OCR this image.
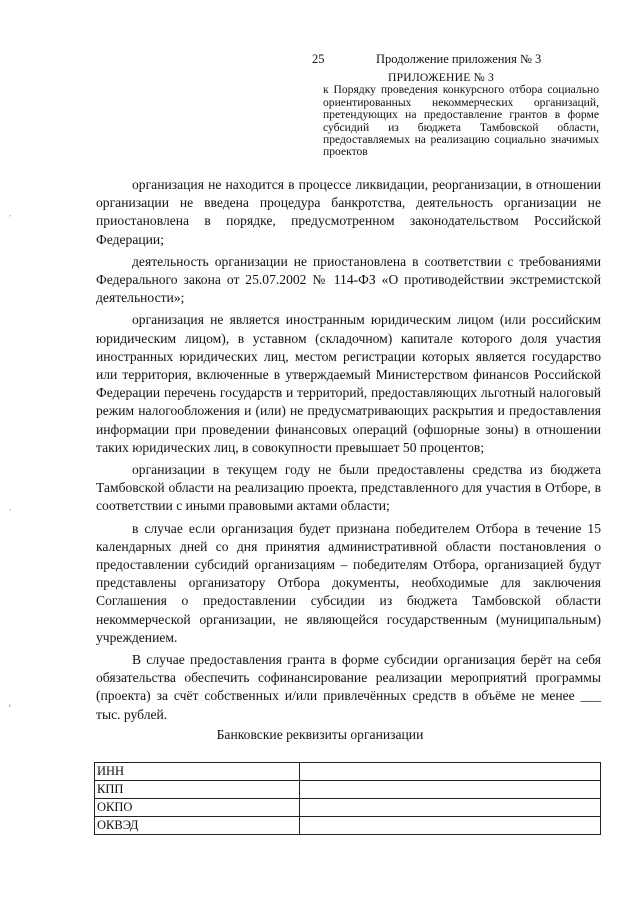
25	Продолжение приложения № 3
ПРИЛОЖЕНИЕ № 3
к Порядку проведения конкурсного отбора социально ориентированных некоммерческих организаций, претендующих на предоставление грантов в форме субсидий из бюджета Тамбовской области, предоставляемых на реализацию социально значимых проектов

организация не находится в процессе ликвидации, реорганизации, в отношении организации не введена процедура банкротства, деятельность организации не приостановлена в порядке, предусмотренном законодательством Российской Федерации;

деятельность организации не приостановлена в соответствии с требованиями Федерального закона от 25.07.2002 № 114-ФЗ «О противодействии экстремистской деятельности»;

организация не является иностранным юридическим лицом (или российским юридическим лицом), в уставном (складочном) капитале которого доля участия иностранных юридических лиц, местом регистрации которых является государство или территория, включенные в утверждаемый Министерством финансов Российской Федерации перечень государств и территорий, предоставляющих льготный налоговый режим налогообложения и (или) не предусматривающих раскрытия и предоставления информации при проведении финансовых операций (офшорные зоны) в отношении таких юридических лиц, в совокупности превышает 50 процентов;

организации в текущем году не были предоставлены средства из бюджета Тамбовской области на реализацию проекта, представленного для участия в Отборе, в соответствии с иными правовыми актами области;

в случае если организация будет признана победителем Отбора в течение 15 календарных дней со дня принятия административной области постановления о предоставлении субсидий организациям – победителям Отбора, организацией будут представлены организатору Отбора документы, необходимые для заключения Соглашения о предоставлении субсидии из бюджета Тамбовской области некоммерческой организации, не являющейся государственным (муниципальным) учреждением.

В случае предоставления гранта в форме субсидии организация берёт на себя обязательства обеспечить софинансирование реализации мероприятий программы (проекта) за счёт собственных и/или привлечённых средств в объёме не менее ___ тыс. рублей.

Банковские реквизиты организации
ИНН	
КПП	
ОКПО	
ОКВЭД	
′
′
,
